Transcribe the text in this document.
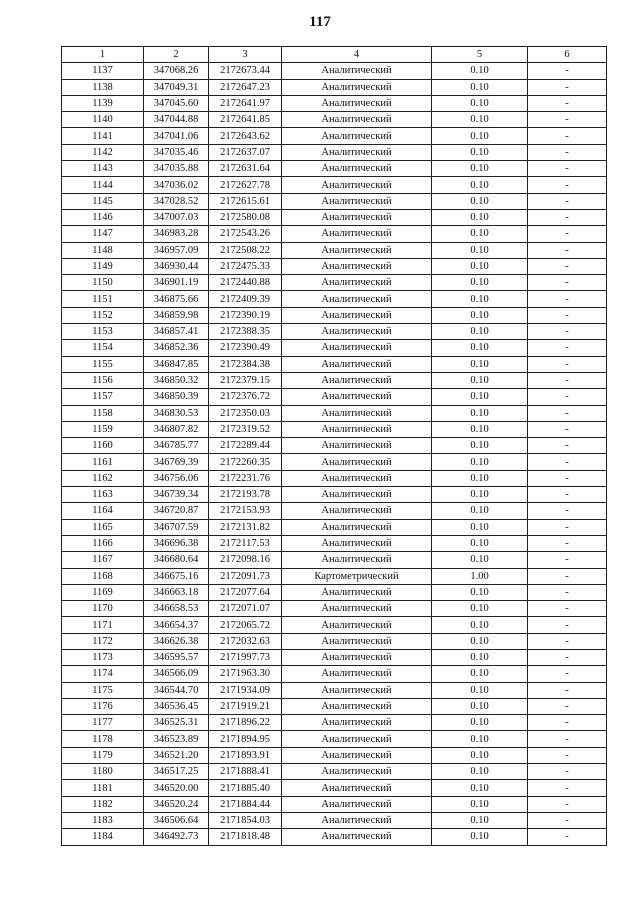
117
1	2	3	4	5	6
1137	347068.26	2172673.44	Аналитический	0.10	-
1138	347049.31	2172647.23	Аналитический	0.10	-
1139	347045.60	2172641.97	Аналитический	0.10	-
1140	347044.88	2172641.85	Аналитический	0.10	-
1141	347041.06	2172643.62	Аналитический	0.10	-
1142	347035.46	2172637.07	Аналитический	0.10	-
1143	347035.88	2172631.64	Аналитический	0.10	-
1144	347036.02	2172627.78	Аналитический	0.10	-
1145	347028.52	2172615.61	Аналитический	0.10	-
1146	347007.03	2172580.08	Аналитический	0.10	-
1147	346983.28	2172543.26	Аналитический	0.10	-
1148	346957.09	2172508.22	Аналитический	0.10	-
1149	346930.44	2172475.33	Аналитический	0.10	-
1150	346901.19	2172440.88	Аналитический	0.10	-
1151	346875.66	2172409.39	Аналитический	0.10	-
1152	346859.98	2172390.19	Аналитический	0.10	-
1153	346857.41	2172388.35	Аналитический	0.10	-
1154	346852.36	2172390.49	Аналитический	0.10	-
1155	346847.85	2172384.38	Аналитический	0.10	-
1156	346850.32	2172379.15	Аналитический	0.10	-
1157	346850.39	2172376.72	Аналитический	0.10	-
1158	346830.53	2172350.03	Аналитический	0.10	-
1159	346807.82	2172319.52	Аналитический	0.10	-
1160	346785.77	2172289.44	Аналитический	0.10	-
1161	346769.39	2172260.35	Аналитический	0.10	-
1162	346756.06	2172231.76	Аналитический	0.10	-
1163	346739.34	2172193.78	Аналитический	0.10	-
1164	346720.87	2172153.93	Аналитический	0.10	-
1165	346707.59	2172131.82	Аналитический	0.10	-
1166	346696.38	2172117.53	Аналитический	0.10	-
1167	346680.64	2172098.16	Аналитический	0.10	-
1168	346675.16	2172091.73	Картометрический	1.00	-
1169	346663.18	2172077.64	Аналитический	0.10	-
1170	346658.53	2172071.07	Аналитический	0.10	-
1171	346654.37	2172065.72	Аналитический	0.10	-
1172	346626.38	2172032.63	Аналитический	0.10	-
1173	346595.57	2171997.73	Аналитический	0.10	-
1174	346566.09	2171963.30	Аналитический	0.10	-
1175	346544.70	2171934.09	Аналитический	0.10	-
1176	346536.45	2171919.21	Аналитический	0.10	-
1177	346525.31	2171896.22	Аналитический	0.10	-
1178	346523.89	2171894.95	Аналитический	0.10	-
1179	346521.20	2171893.91	Аналитический	0.10	-
1180	346517.25	2171888.41	Аналитический	0.10	-
1181	346520.00	2171885.40	Аналитический	0.10	-
1182	346520.24	2171884.44	Аналитический	0.10	-
1183	346506.64	2171854.03	Аналитический	0.10	-
1184	346492.73	2171818.48	Аналитический	0.10	-
